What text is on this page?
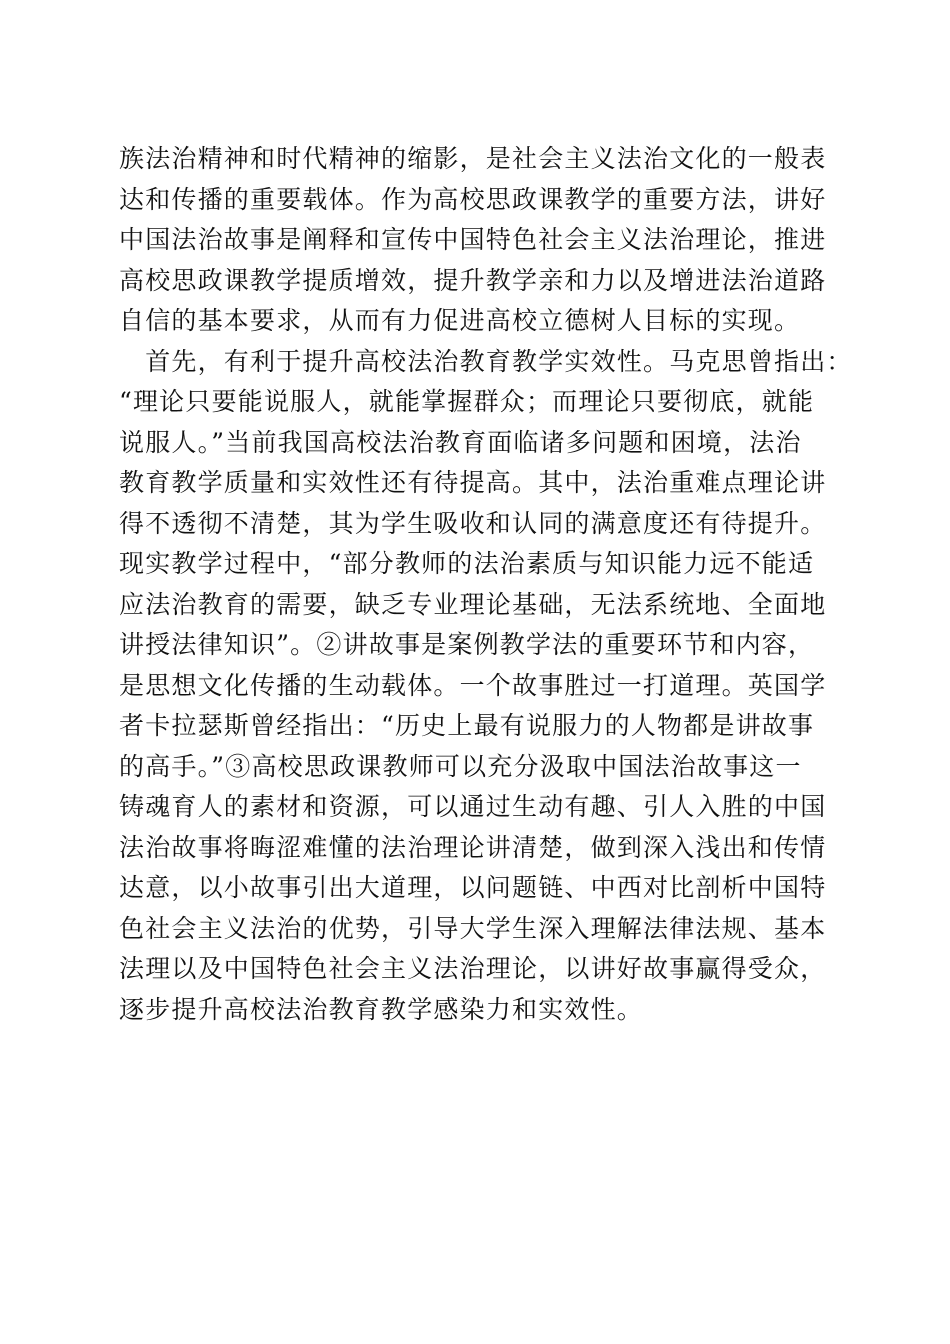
族法治精神和时代精神的缩影，是社会主义法治文化的一般表
达和传播的重要载体。作为高校思政课教学的重要方法，讲好
中国法治故事是阐释和宣传中国特色社会主义法治理论，推进
高校思政课教学提质增效，提升教学亲和力以及增进法治道路
自信的基本要求，从而有力促进高校立德树人目标的实现。
　首先，有利于提升高校法治教育教学实效性。马克思曾指出：
“理论只要能说服人，就能掌握群众；而理论只要彻底，就能
说服人。”当前我国高校法治教育面临诸多问题和困境，法治
教育教学质量和实效性还有待提高。其中，法治重难点理论讲
得不透彻不清楚，其为学生吸收和认同的满意度还有待提升。
现实教学过程中，“部分教师的法治素质与知识能力远不能适
应法治教育的需要，缺乏专业理论基础，无法系统地、全面地
讲授法律知识”。②讲故事是案例教学法的重要环节和内容，
是思想文化传播的生动载体。一个故事胜过一打道理。英国学
者卡拉瑟斯曾经指出：“历史上最有说服力的人物都是讲故事
的高手。”③高校思政课教师可以充分汲取中国法治故事这一
铸魂育人的素材和资源，可以通过生动有趣、引人入胜的中国
法治故事将晦涩难懂的法治理论讲清楚，做到深入浅出和传情
达意，以小故事引出大道理，以问题链、中西对比剖析中国特
色社会主义法治的优势，引导大学生深入理解法律法规、基本
法理以及中国特色社会主义法治理论，以讲好故事赢得受众，
逐步提升高校法治教育教学感染力和实效性。
